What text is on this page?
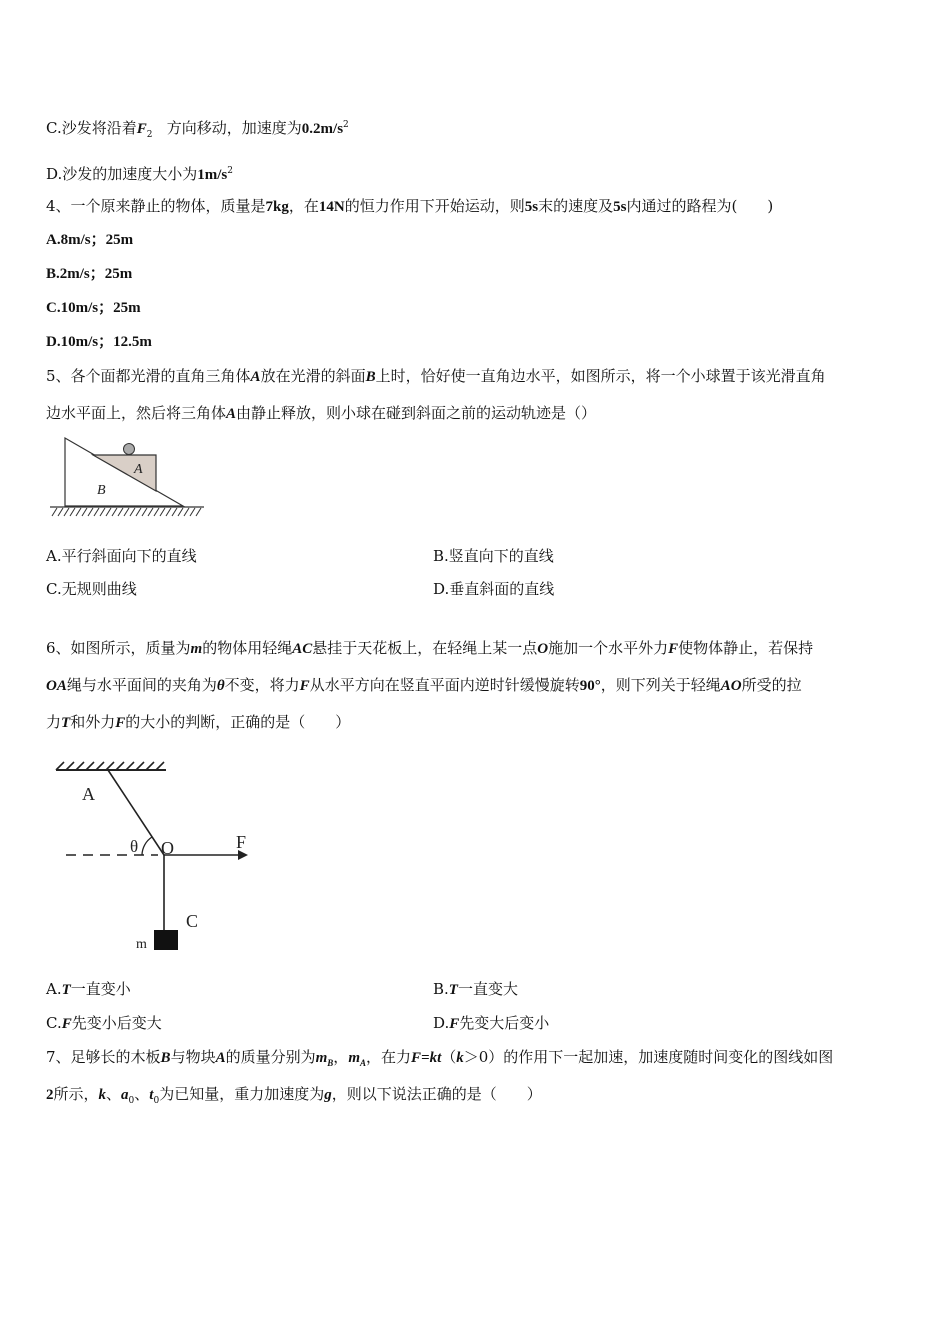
C.沙发将沿着$F_2$ 方向移动，加速度为$0.2m/s^2$
D.沙发的加速度大小为$1m/s^2$
4、一个原来静止的物体，质量是7kg，在14N的恒力作用下开始运动，则5s末的速度及5s内通过的路程为(　　)
A.8m/s；25m
B.2m/s；25m
C.10m/s；25m
D.10m/s；12.5m
5、各个面都光滑的直角三角体A放在光滑的斜面B上时，恰好使一直角边水平，如图所示，将一个小球置于该光滑直角
边水平面上，然后将三角体A由静止释放，则小球在碰到斜面之前的运动轨迹是（）
A
B
A.平行斜面向下的直线	B.竖直向下的直线
C.无规则曲线	D.垂直斜面的直线
6、如图所示，质量为m的物体用轻绳AC悬挂于天花板上，在轻绳上某一点O施加一个水平外力F使物体静止，若保持
OA绳与水平面间的夹角为θ不变，将力F从水平方向在竖直平面内逆时针缓慢旋转90°，则下列关于轻绳AO所受的拉
力T和外力F的大小的判断，正确的是（　　）
A
θ O	F
C
m
A.T一直变小	B.T一直变大
C.F先变小后变大	D.F先变大后变小
7、足够长的木板B与物块A的质量分别为$m_B$，$m_A$，在力F=kt（k＞0）的作用下一起加速，加速度随时间变化的图线如图
2所示，k、$a_0$、$t_0$为已知量，重力加速度为g，则以下说法正确的是（　　）
